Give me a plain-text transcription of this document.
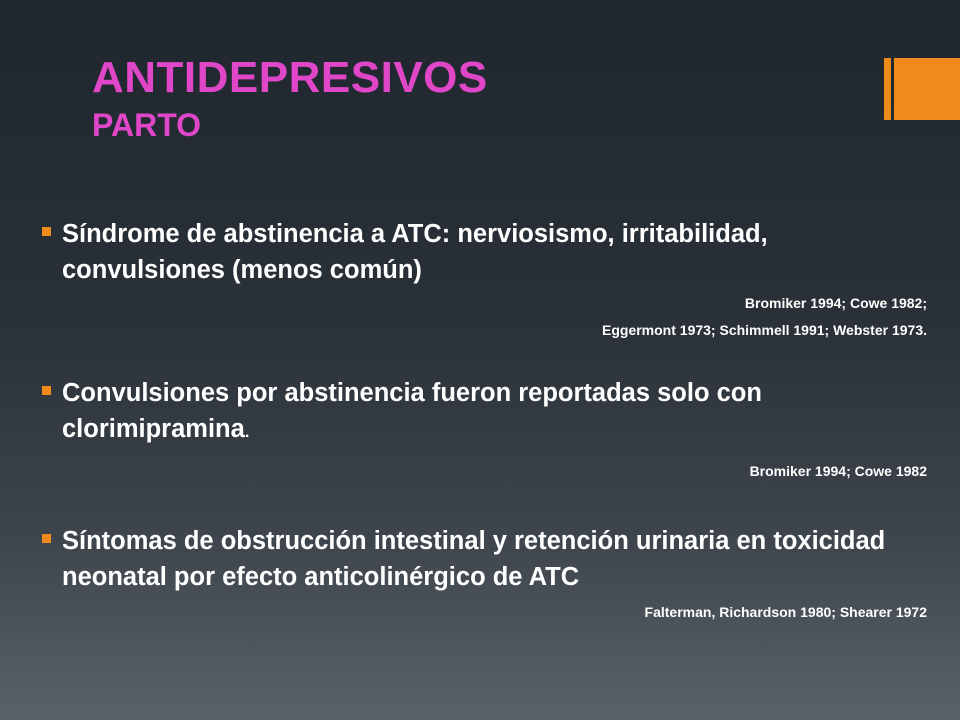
ANTIDEPRESIVOS
PARTO
Síndrome de abstinencia a ATC: nerviosismo, irritabilidad, convulsiones (menos común)
Bromiker 1994; Cowe 1982;
Eggermont 1973; Schimmell 1991; Webster 1973.
Convulsiones por abstinencia fueron reportadas solo con clorimipramina.
Bromiker 1994; Cowe 1982
Síntomas de obstrucción intestinal y retención urinaria en toxicidad neonatal por efecto anticolinérgico de ATC
Falterman, Richardson 1980; Shearer 1972
